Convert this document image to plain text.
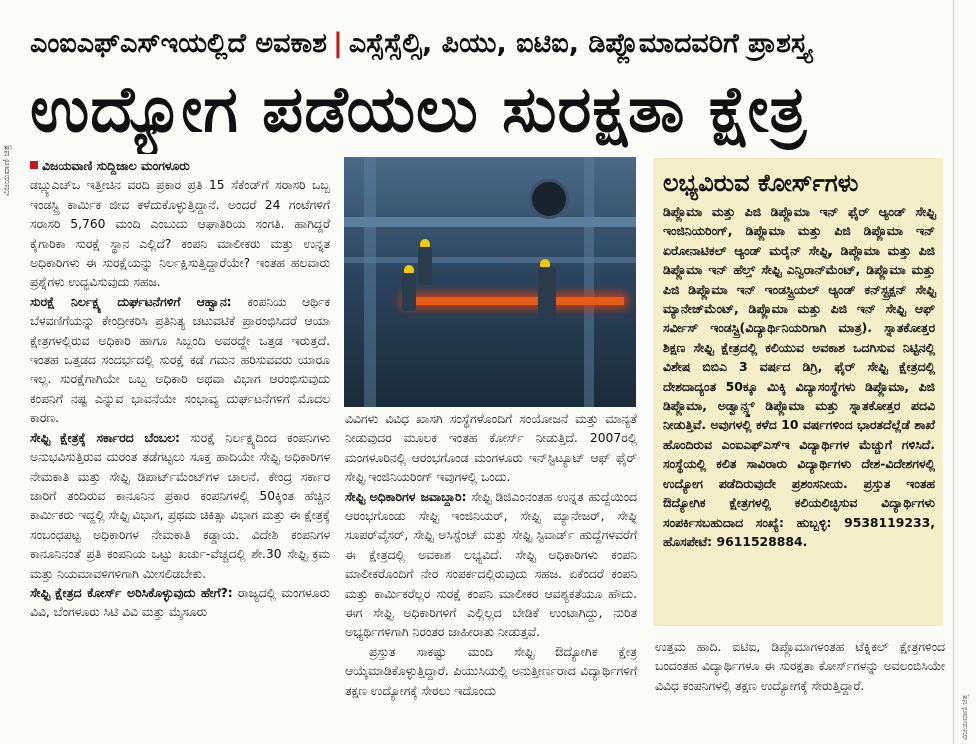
ವಿಜಯವಾಣಿ ಚಿತ್ರ
ವಿಜಯವಾಣಿ ಚಿತ್ರ
ಎಂಐಎಫ್ಎಸ್ಇಯಲ್ಲಿದೆ ಅವಕಾಶ | ಎಸ್ಸೆಸ್ಸೆಲ್ಸಿ, ಪಿಯು, ಐಟಿಐ, ಡಿಪ್ಲೊಮಾದವರಿಗೆ ಪ್ರಾಶಸ್ತ್ಯ
ಉದ್ಯೋಗ ಪಡೆಯಲು ಸುರಕ್ಷತಾ ಕ್ಷೇತ್ರ

ವಿಜಯವಾಣಿ ಸುದ್ದಿಜಾಲ ಮಂಗಳೂರು

ಡಬ್ಲ್ಯುಎಚ್ಒ ಇತ್ತೀಚಿನ ವರದಿ ಪ್ರಕಾರ ಪ್ರತಿ 15 ಸೆಕೆಂಡ್‌ಗೆ ಸರಾಸರಿ ಒಬ್ಬ ಇಂಡಸ್ಟ್ರಿ ಕಾರ್ಮಿಕ ಜೀವ ಕಳೆದುಕೊಳ್ಳುತ್ತಿದ್ದಾನೆ. ಅಂದರೆ 24 ಗಂಟೆಗಳಿಗೆ ಸರಾಸರಿ 5,760 ಮಂದಿ ಎಂಬುದು ಆಘಾತಿರಿಯ ಸಂಗತಿ. ಹಾಗಿದ್ದರೆ ಕೈಗಾರಿಕಾ ಸುರಕ್ಷೆ ಸ್ಥಾನ ಎಲ್ಲಿದೆ? ಕಂಪನಿ ಮಾಲೀಕರು ಮತ್ತು ಉನ್ನತ ಅಧಿಕಾರಿಗಳು ಈ ಸುರಕ್ಷೆಯನ್ನು ನಿರ್ಲಕ್ಷಿಸುತ್ತಿದ್ದಾರೆಯೇ? ಇಂತಹ ಹಲವಾರು ಪ್ರಶ್ನೆಗಳು ಉದ್ಭವಿಸುವುದು ಸಹಜ.

ಸುರಕ್ಷೆ ನಿರ್ಲಕ್ಷ್ಯ ದುರ್ಘಟನೆಗಳಿಗೆ ಆಹ್ವಾನ: ಕಂಪನಿಯ ಆರ್ಥಿಕ ಬೆಳವಣಿಗೆಯನ್ನು ಕೇಂದ್ರೀಕರಿಸಿ ಪ್ರತಿನಿತ್ಯ ಚಟುವಟಿಕೆ ಪ್ರಾರಂಭಿಸಿದರೆ ಆಯಾ ಕ್ಷೇತ್ರಗಳಲ್ಲಿರುವ ಅಧಿಕಾರಿ ಹಾಗೂ ಸಿಬ್ಬಂದಿ ಅವರದ್ದೇ ಒತ್ತಡ ಇರುತ್ತದೆ. ಇಂತಹ ಒತ್ತಡದ ಸಂದರ್ಭದಲ್ಲಿ ಸುರಕ್ಷೆ ಕಡೆ ಗಮನ ಹರಿಸುವವರು ಯಾರೂ ಇಲ್ಲ. ಸುರಕ್ಷೆಗಾಗಿಯೇ ಒಬ್ಬ ಅಧಿಕಾರಿ ಅಥವಾ ವಿಭಾಗ ಆರಂಭಿಸುವುದು ಕಂಪನಿಗೆ ನಷ್ಟ ಎನ್ನುವ ಭಾವನೆಯೇ ಸಂಭಾವ್ಯ ದುರ್ಘಟನೆಗಳಿಗೆ ಮೊದಲ ಕಾರಣ.

ಸೇಫ್ಟಿ ಕ್ಷೇತ್ರಕ್ಕೆ ಸರ್ಕಾರದ ಬೆಂಬಲ: ಸುರಕ್ಷೆ ನಿರ್ಲಕ್ಷ್ಯದಿಂದ ಕಂಪನಿಗಳು ಅನುಭವಿಸುತ್ತಿರುವ ದುರಂತ ತಡೆಗಟ್ಟಲು ಸೂಕ್ತ ಹಾದಿಯೇ ಸೇಫ್ಟಿ ಅಧಿಕಾರಿಗಳ ನೇಮಕಾತಿ ಮತ್ತು ಸೇಫ್ಟಿ ಡಿಪಾರ್ಟ್‌ಮೆಂಟ್‌ಗಳ ಚಾಲನೆ. ಕೇಂದ್ರ ಸರ್ಕಾರ ಜಾರಿಗೆ ತಂದಿರುವ ಕಾನೂನಿನ ಪ್ರಕಾರ ಕಂಪನಿಗಳಲ್ಲಿ 50ಕ್ಕಿಂತ ಹೆಚ್ಚಿನ ಕಾರ್ಮಿಕರು ಇದ್ದಲ್ಲಿ ಸೇಫ್ಟಿ ವಿಭಾಗ, ಪ್ರಥಮ ಚಿಕಿತ್ಸಾ ವಿಭಾಗ ಮತ್ತು ಈ ಕ್ಷೇತ್ರಕ್ಕೆ ಸಂಬಂಧಪಟ್ಟ ಅಧಿಕಾರಿಗಳ ನೇಮಕಾತಿ ಕಡ್ಡಾಯ. ವಿದೇಶಿ ಕಂಪನಿಗಳ ಕಾನೂನಿನಂತೆ ಪ್ರತಿ ಕಂಪನಿಯ ಒಟ್ಟು ಖರ್ಚು-ವೆಚ್ಚದಲ್ಲಿ ಶೇ.30 ಸೇಫ್ಟಿ ಕ್ರಮ ಮತ್ತು ನಿಯಮಾವಳಿಗಳಿಗಾಗಿ ಮೀಸಲಿಡಬೇಕು.

ಸೇಫ್ಟಿ ಕ್ಷೇತ್ರದ ಕೋರ್ಸ್ ಅರಿಸಿಕೊಳ್ಳುವುದು ಹೇಗೆ?: ರಾಜ್ಯದಲ್ಲಿ ಮಂಗಳೂರು ವಿವಿ, ಬೆಂಗಳೂರು ಸಿಟಿ ವಿವಿ ಮತ್ತು ಮೈಸೂರು

ವಿವಿಗಳು ವಿವಿಧ ಖಾಸಗಿ ಸಂಸ್ಥೆಗಳೊಂದಿಗೆ ಸಂಯೋಜನೆ ಮತ್ತು ಮಾನ್ಯತೆ ನೀಡುವುದರ ಮೂಲಕ ಇಂತಹ ಕೋರ್ಸ್ ನೀಡುತ್ತಿದೆ. 2007ರಲ್ಲಿ ಮಂಗಳೂರಿನಲ್ಲಿ ಆರಂಭಗೊಂಡ ಮಂಗಳೂರು ಇನ್‌ಸ್ಟಿಟ್ಯೂಟ್ ಆಫ್ ಫೈರ್ ಸೇಫ್ಟಿ ಇಂಜಿನಿಯರಿಂಗ್ ಇವುಗಳಲ್ಲಿ ಒಂದು.

ಸೇಫ್ಟಿ ಅಧಿಕಾರಿಗಳ ಜವಾಬ್ದಾರಿ: ಸೇಫ್ಟಿ ಡಿಜಿಎಂನಂತಹ ಉನ್ನತ ಹುದ್ದೆಯಿಂದ ಆರಂಭಗೊಂಡು ಸೇಫ್ಟಿ ಇಂಜಿನಿಯರ್, ಸೇಫ್ಟಿ ಮ್ಯಾನೇಜರ್, ಸೇಫ್ಟಿ ಸೂಪರ್‌ವೈಸರ್, ಸೇಫ್ಟಿ ಅಸಿಸ್ಟೆಂಟ್ ಮತ್ತು ಸೇಫ್ಟಿ ಸ್ಟಿವಾರ್ಡ್ ಹುದ್ದೆಗಳವರೆಗೆ ಈ ಕ್ಷೇತ್ರದಲ್ಲಿ ಅವಕಾಶ ಲಭ್ಯವಿದೆ. ಸೇಫ್ಟಿ ಅಧಿಕಾರಿಗಳು ಕಂಪನಿ ಮಾಲೀಕರೊಂದಿಗೆ ನೇರ ಸಂಪರ್ಕದಲ್ಲಿರುವುದು ಸಹಜ. ಏಕೆಂದರೆ ಕಂಪನಿ ಮತ್ತು ಕಾರ್ಮಿಕರೆಲ್ಲರ ಸುರಕ್ಷೆ ಕಂಪನಿ ಮಾಲೀಕರ ಆವಶ್ಯಕತೆಯೂ ಹೌದು. ಈಗ ಸೇಫ್ಟಿ ಅಧಿಕಾರಿಗಳಿಗೆ ಎಲ್ಲಿಲ್ಲದ ಬೇಡಿಕೆ ಉಂಟಾಗಿದ್ದು, ನುರಿತ ಅಭ್ಯರ್ಥಿಗಳಿಗಾಗಿ ನಿರಂತರ ಜಾಹೀರಾತು ನೀಡುತ್ತವೆ.

ಪ್ರಸ್ತುತ ಸಾಕಷ್ಟು ಮಂದಿ ಸೇಫ್ಟಿ ಔದ್ಯೋಗಿಕ ಕ್ಷೇತ್ರ ಆಯ್ಕೆಮಾಡಿಕೊಳ್ಳುತ್ತಿದ್ದಾರೆ. ಪಿಯುಸಿಯಲ್ಲಿ ಅನುತ್ತೀರ್ಣರಾದ ವಿದ್ಯಾರ್ಥಿಗಳಿಗೆ ತಕ್ಷಣ ಉದ್ಯೋಗಕ್ಕೆ ಸೇರಲು ಇದೊಂದು

ಲಭ್ಯವಿರುವ ಕೋರ್ಸ್‌ಗಳು
ಡಿಪ್ಲೊಮಾ ಮತ್ತು ಪಿಜಿ ಡಿಪ್ಲೊಮಾ ಇನ್ ಫೈರ್ ಆ್ಯಂಡ್ ಸೇಫ್ಟಿ ಇಂಜಿನಿಯರಿಂಗ್, ಡಿಪ್ಲೊಮಾ ಮತ್ತು ಪಿಜಿ ಡಿಪ್ಲೊಮಾ ಇನ್ ಏರೋನಾಟಿಕಲ್ ಆ್ಯಂಡ್ ಮರೈನ್ ಸೇಫ್ಟಿ, ಡಿಪ್ಲೊಮಾ ಮತ್ತು ಪಿಜಿ ಡಿಪ್ಲೊಮಾ ಇನ್ ಹೆಲ್ತ್ ಸೇಫ್ಟಿ ಎನ್ವಿರಾನ್‌ಮೆಂಟ್, ಡಿಪ್ಲೊಮಾ ಮತ್ತು ಪಿಜಿ ಡಿಪ್ಲೊಮಾ ಇನ್ ಇಂಡಸ್ಟ್ರಿಯಲ್ ಆ್ಯಂಡ್ ಕನ್‌ಸ್ಟ್ರಕ್ಷನ್ ಸೇಫ್ಟಿ ಮ್ಯಾನೇಜ್‌ಮೆಂಟ್, ಡಿಪ್ಲೊಮಾ ಮತ್ತು ಪಿಜಿ ಇನ್ ಸೇಫ್ಟಿ ಆಫ್ ಸರ್ವೀಸ್ ಇಂಡಸ್ಟ್ರಿ(ವಿದ್ಯಾರ್ಥಿನಿಯರಿಗಾಗಿ ಮಾತ್ರ). ಸ್ನಾತಕೋತ್ತರ ಶಿಕ್ಷಣ ಸೇಫ್ಟಿ ಕ್ಷೇತ್ರದಲ್ಲಿ ಕಲಿಯುವ ಅವಕಾಶ ಒದಗಿಸುವ ನಿಟ್ಟಿನಲ್ಲಿ ವಿಶೇಷ ಬಿಬಿಎ 3 ವರ್ಷದ ಡಿಗ್ರಿ, ಫೈರ್ ಸೇಫ್ಟಿ ಕ್ಷೇತ್ರದಲ್ಲಿ ದೇಶದಾದ್ಯಂತ 50ಕ್ಕೂ ಮಿಕ್ಕಿ ವಿದ್ಯಾಸಂಸ್ಥೆಗಳು ಡಿಪ್ಲೊಮಾ, ಪಿಜಿ ಡಿಪ್ಲೊಮಾ, ಅಡ್ವಾನ್ಸ್ಡ್ ಡಿಪ್ಲೊಮಾ ಮತ್ತು ಸ್ನಾತಕೋತ್ತರ ಪದವಿ ನೀಡುತ್ತಿವೆ. ಅವುಗಳಲ್ಲಿ ಕಳೆದ 10 ವರ್ಷಗಳಿಂದ ಭಾರತದೆಲ್ಲೆಡೆ ಶಾಖೆ ಹೊಂದಿರುವ ಎಂಐಎಫ್‌ಎಸ್‌ಇ ವಿದ್ಯಾರ್ಥಿಗಳ ಮೆಚ್ಚುಗೆ ಗಳಿಸಿದೆ. ಸಂಸ್ಥೆಯಲ್ಲಿ ಕಲಿತ ಸಾವಿರಾರು ವಿದ್ಯಾರ್ಥಿಗಳು ದೇಶ-ವಿದೇಶಗಳಲ್ಲಿ ಉದ್ಯೋಗ ಪಡೆದಿರುವುದೇ ಪ್ರಶಂಸನೀಯ. ಪ್ರಸ್ತುತ ಇಂತಹ ಔದ್ಯೋಗಿಕ ಕ್ಷೇತ್ರಗಳಲ್ಲಿ ಕಲಿಯಲಿಚ್ಛಿಸುವ ವಿದ್ಯಾರ್ಥಿಗಳು ಸಂಪರ್ಕಿಸಬಹುದಾದ ಸಂಖ್ಯೆ: ಹುಬ್ಬಳ್ಳಿ: 9538119233, ಹೊಸಪೇಟೆ: 9611528884.

ಉತ್ತಮ ಹಾದಿ. ಐಟಿಐ, ಡಿಪ್ಲೊಮಾಗಳಂತಹ ಟೆಕ್ನಿಕಲ್ ಕ್ಷೇತ್ರಗಳಿಂದ ಬಂದಂತಹ ವಿದ್ಯಾರ್ಥಿಗಳೂ ಈ ಸುರಕ್ಷತಾ ಕೋರ್ಸ್‌ಗಳನ್ನು ಅವಲಂಬಿಸಿಯೇ ವಿವಿಧ ಕಂಪನಿಗಳಲ್ಲಿ ತಕ್ಷಣ ಉದ್ಯೋಗಕ್ಕೆ ಸೇರುತ್ತಿದ್ದಾರೆ.
